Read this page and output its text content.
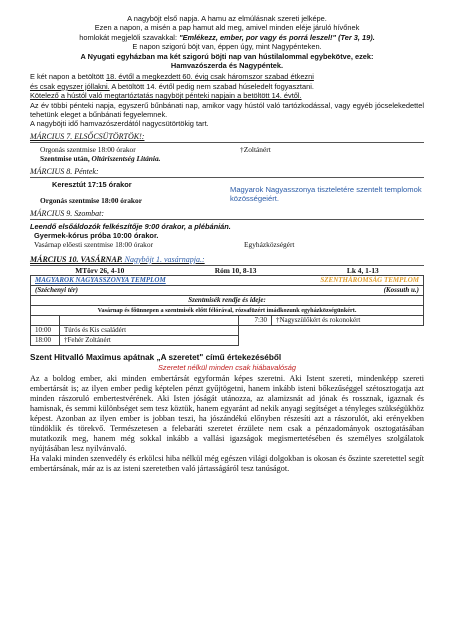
A nagyböjt első napja. A hamu az elmúlásnak szereti jelképe.

Ezen a napon, a misén a pap hamut ald meg, amivel minden eléje járuló hívőnek

homlokát megjelöli szavakkal: "Emlékezz, ember, por vagy és porrá leszel!" (Ter 3, 19).

E napon szigorú böjt van, éppen úgy, mint Nagypénteken.

A Nyugati egyházban ma két szigorú böjti nap van hústilalommal egybekötve, ezek:

Hamvazószerda és Nagypéntek.

E két napon a betöltött 18. évtől a megkezdett 60. évig csak háromszor szabad étkezni
és csak egyszer jóllakni. A betöltött 14. évtől pedig nem szabad húseledelt fogyasztani.

Kötelező a hústól való megtartóztatás nagyböjt pénteki napjain a betöltött 14. évtől.

Az év többi pénteki napja, egyszerű bűnbánati nap, amikor vagy hústól való tartózkodással, vagy egyéb jócselekedettel tehetünk eleget a bűnbánati fegyelemnek.

A nagyböjti idő hamvazószerdától nagycsütörtökig tart.

MÁRCIUS 7. ELSŐCSÜTÖRTÖK!:
Orgonás szentmise 18:00 órakor	†Zoltánért

Szentmise után, Oltáriszentség Litánia.

MÁRCIUS 8. Péntek:

Keresztút 17:15 órakor

Orgonás szentmise 18:00 órakor

Magyarok Nagyasszonya tiszteletére szentelt templomok közösségeiért.
MÁRCIUS 9. Szombat:

Leendő elsőáldozók felkészítője 9:00 órakor, a plébánián.

Gyermek-kórus próba 10:00 órakor.

Vasárnap előesti szentmise 18:00 órakor	Egyházközségért
MÁRCIUS 10. VASÁRNAP. Nagyböjt 1. vasárnapja.:
MTörv 26, 4-10	Róm 10, 8-13	Lk 4, 1-13
MAGYAROK NAGYASSZONYA TEMPLOM		SZENTHÁROMSÁG TEMPLOM	
(Széchenyi tér)		(Kossuth u.)	
Szentmisék rendje és ideje:			
Vasárnap és főünnepen a szentmisék előtt félórával, rózsafüzért imádkozunk egyházközségünkért.			
		7:30	†Nagyszülőkért és rokonokért
10:00	Túrós és Kis családért		
18:00	†Fehér Zoltánért		

Szent Hitvalló Maximus apátnak „A szeretet" című értekezéséből

Szeretet nélkül minden csak hiábavalóság

Az a boldog ember, aki minden embertársát egyformán képes szeretni. Aki Istent szereti, mindenképp szereti embertársát is; az ilyen ember pedig képtelen pénzt gyűjtögetni, hanem inkább isteni bőkezűséggel szétosztogatja azt minden rászoruló embertestvérének. Aki Isten jóságát utánozza, az alamizsnát ad jónak és rossznak, igaznak és hamisnak, és semmi különbséget sem tesz köztük, hanem egyaránt ad nekik anyagi segítséget a tényleges szükségükhöz képest. Azonban az ilyen ember is jobban teszi, ha jószándékú előnyben részesíti azt a rászorulót, aki erényekben tündöklik és törekvő. Természetesen a felebaráti szeretet érzülete nem csak a pénzadományok osztogatásában mutatkozik meg, hanem még sokkal inkább a vallási igazságok megismertetésében és személyes szolgálatok nyújtásában lesz nyilvánvaló.

Ha valaki minden szenvedély és erkölcsi hiba nélkül még egészen világi dolgokban is okosan és őszinte szeretettel segít embertársának, már az is az isteni szeretetben való jártasságáról tesz tanúságot.
